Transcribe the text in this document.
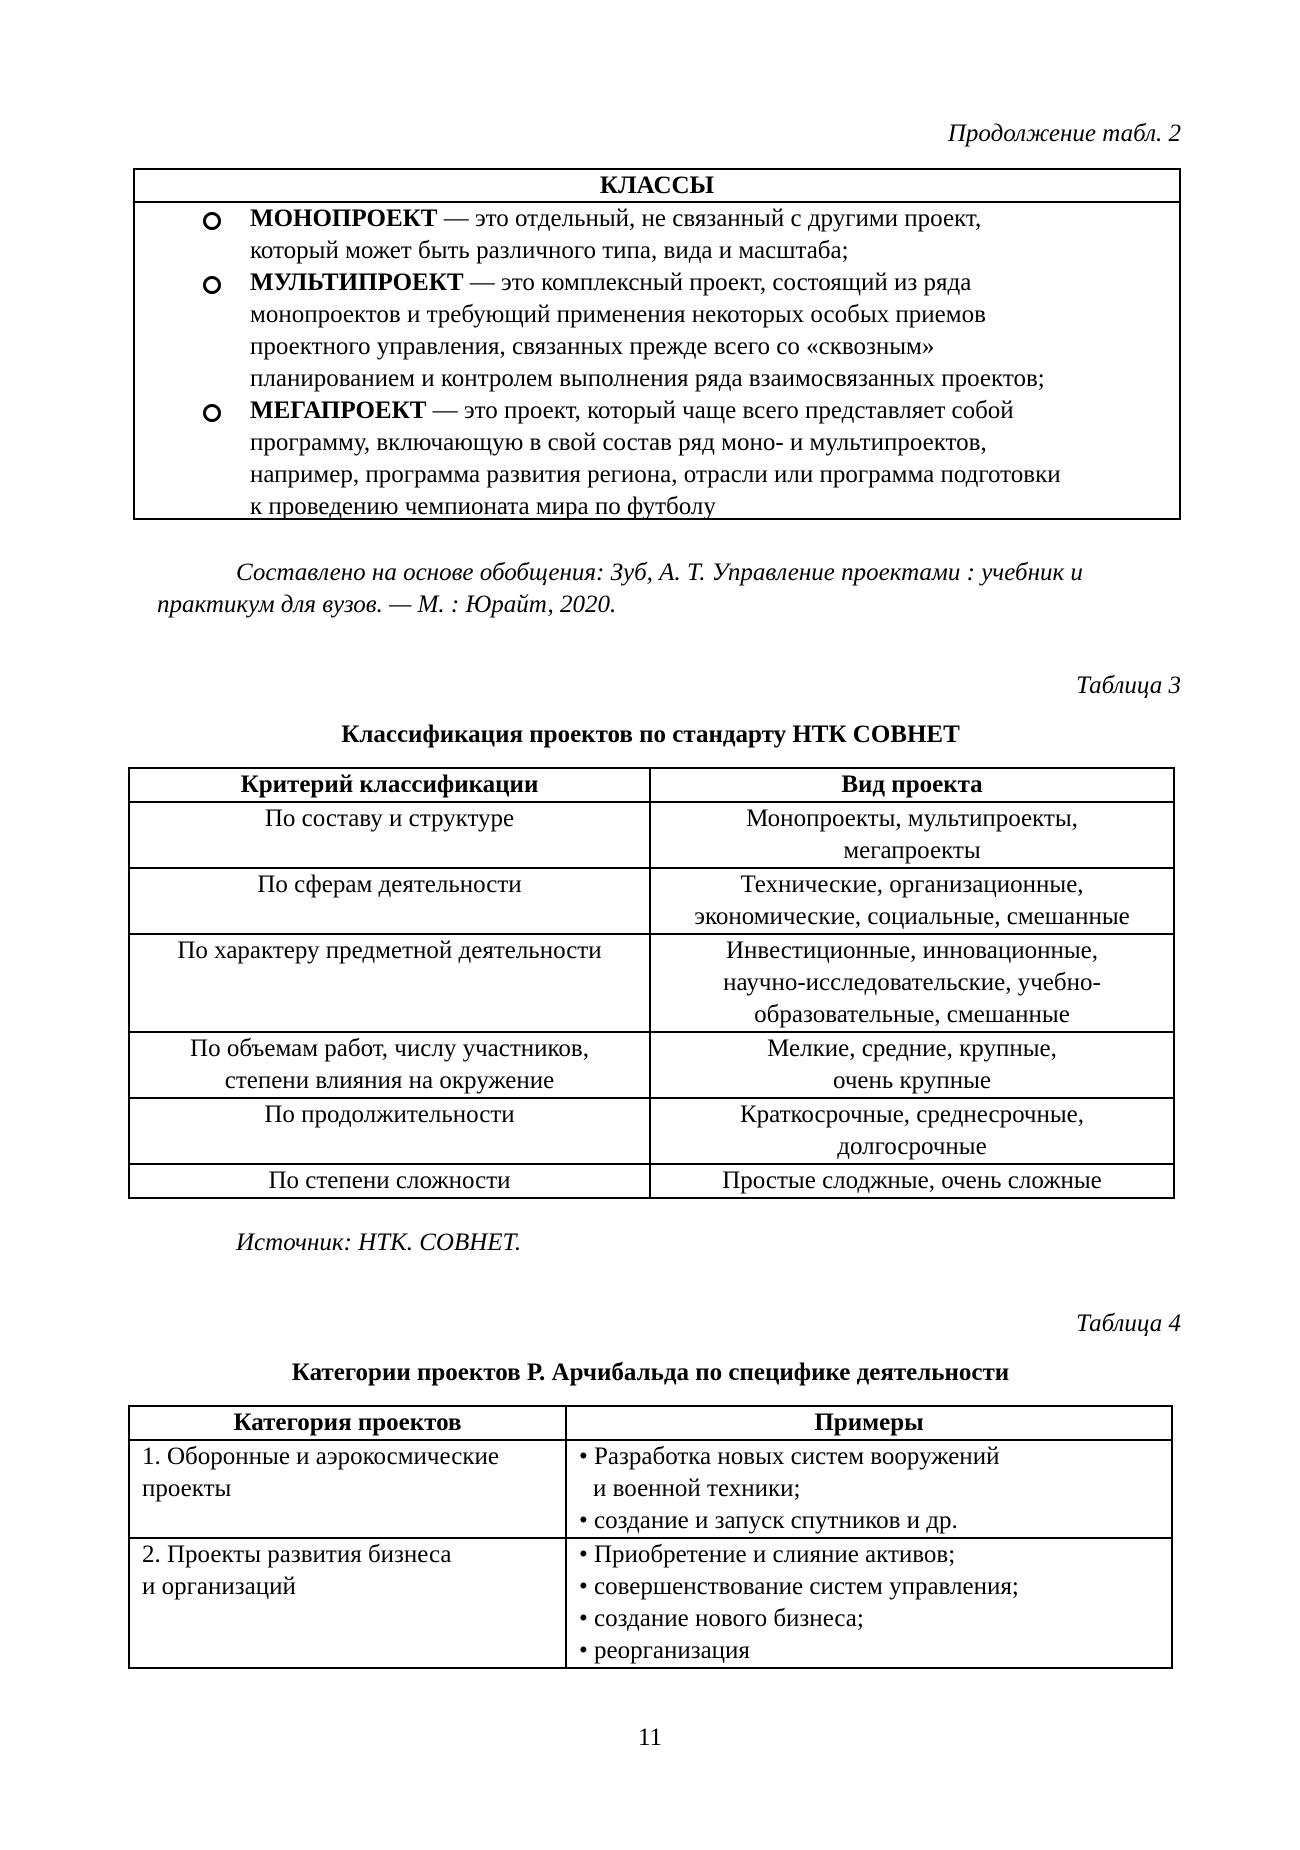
Продолжение табл. 2
КЛАССЫ
МОНОПРОЕКТ — это отдельный, не связанный с другими проект,
который может быть различного типа, вида и масштаба;
МУЛЬТИПРОЕКТ — это комплексный проект, состоящий из ряда
монопроектов и требующий применения некоторых особых приемов
проектного управления, связанных прежде всего со «сквозным»
планированием и контролем выполнения ряда взаимосвязанных проектов;
МЕГАПРОЕКТ — это проект, который чаще всего представляет собой
программу, включающую в свой состав ряд моно- и мультипроектов,
например, программа развития региона, отрасли или программа подготовки
к проведению чемпионата мира по футболу
Составлено на основе обобщения: Зуб, А. Т. Управление проектами : учебник и
практикум для вузов. — М. : Юрайт, 2020.
Таблица 3
Классификация проектов по стандарту НТК СОВНЕТ
Критерий классификации	Вид проекта

По составу и структуре	Монопроекты, мультипроекты,
мегапроекты

По сферам деятельности	Технические, организационные,
экономические, социальные, смешанные

По характеру предметной деятельности	Инвестиционные, инновационные,
научно-исследовательские, учебно-
образовательные, смешанные

По объемам работ, числу участников,
степени влияния на окружение	Мелкие, средние, крупные,
очень крупные

По продолжительности	Краткосрочные, среднесрочные,
долгосрочные

По степени сложности	Простые слоджные, очень сложные
Источник: НТК. СОВНЕТ.
Таблица 4
Категории проектов Р. Арчибальда по специфике деятельности
Категория проектов	Примеры

1. Оборонные и аэрокосмические
проекты	• Разработка новых систем вооружений
и военной техники;
• создание и запуск спутников и др.

2. Проекты развития бизнеса
и организаций	• Приобретение и слияние активов;
• совершенствование систем управления;
• создание нового бизнеса;
• реорганизация
11
